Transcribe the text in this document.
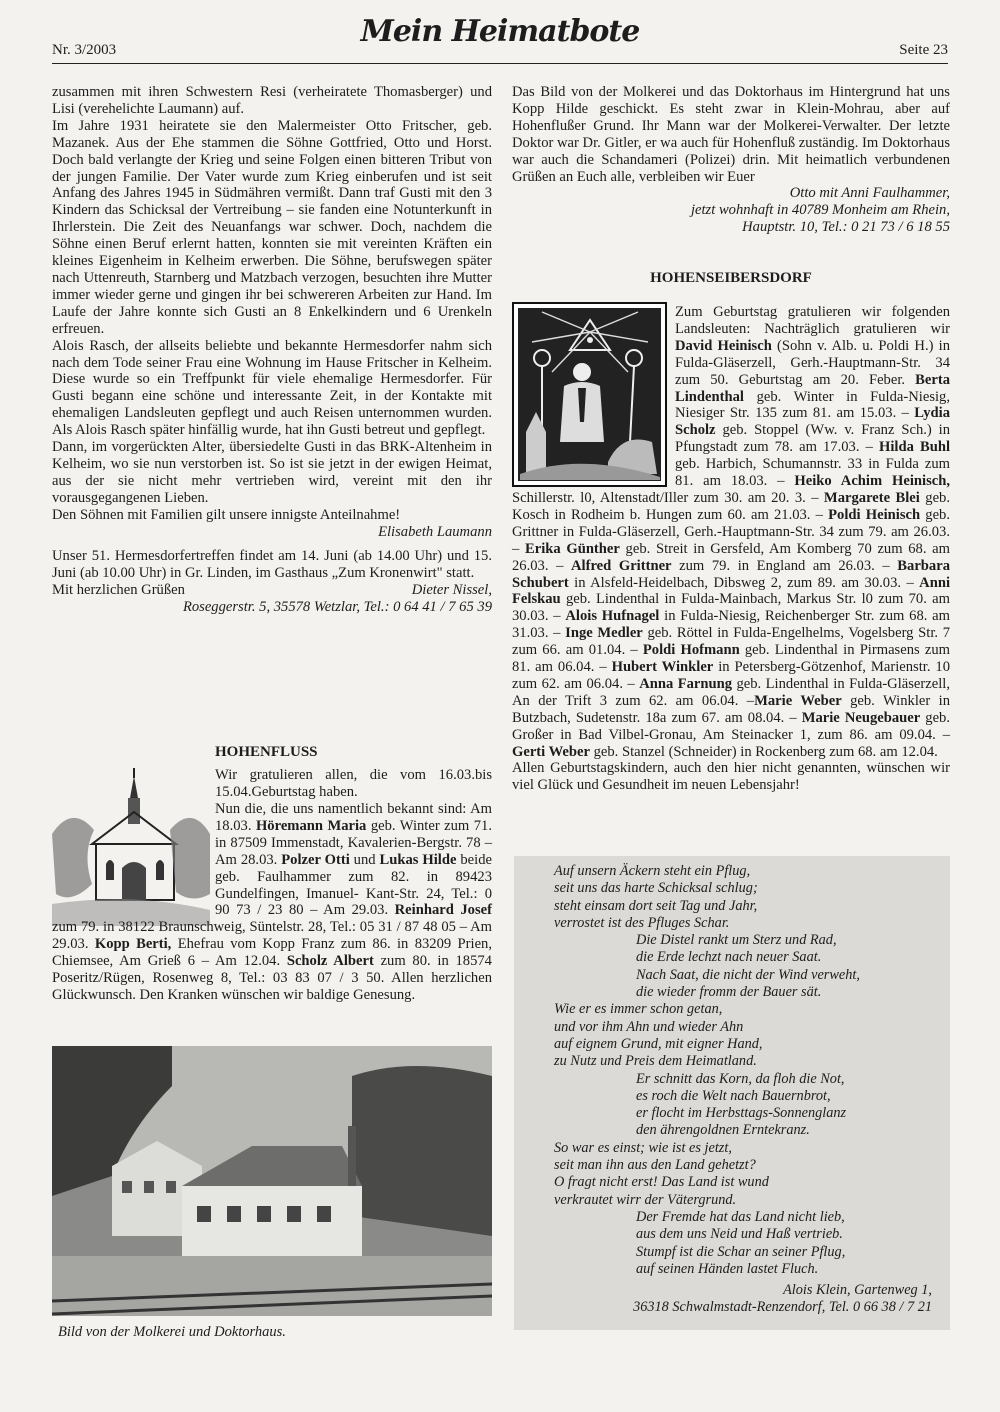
Nr. 3/2003
Mein Heimatbote
Seite 23

zusammen mit ihren Schwestern Resi (verheiratete Thomasberger) und Lisi (verehelichte Laumann) auf.

Im Jahre 1931 heiratete sie den Malermeister Otto Fritscher, geb. Mazanek. Aus der Ehe stammen die Söhne Gottfried, Otto und Horst. Doch bald verlangte der Krieg und seine Folgen einen bitteren Tribut von der jungen Familie. Der Vater wurde zum Krieg einberufen und ist seit Anfang des Jahres 1945 in Südmähren vermißt. Dann traf Gusti mit den 3 Kindern das Schicksal der Vertreibung – sie fanden eine Notunterkunft in Ihrlerstein. Die Zeit des Neuanfangs war schwer. Doch, nachdem die Söhne einen Beruf erlernt hatten, konnten sie mit vereinten Kräften ein kleines Eigenheim in Kelheim erwerben. Die Söhne, berufswegen später nach Uttenreuth, Starnberg und Matzbach verzogen, besuchten ihre Mutter immer wieder gerne und gingen ihr bei schwereren Arbeiten zur Hand. Im Laufe der Jahre konnte sich Gusti an 8 Enkelkindern und 6 Urenkeln erfreuen.

Alois Rasch, der allseits beliebte und bekannte Hermesdorfer nahm sich nach dem Tode seiner Frau eine Wohnung im Hause Fritscher in Kelheim. Diese wurde so ein Treffpunkt für viele ehemalige Hermesdorfer. Für Gusti begann eine schöne und interessante Zeit, in der Kontakte mit ehemaligen Landsleuten gepflegt und auch Reisen unternommen wurden. Als Alois Rasch später hinfällig wurde, hat ihn Gusti betreut und gepflegt.

Dann, im vorgerückten Alter, übersiedelte Gusti in das BRK-Altenheim in Kelheim, wo sie nun verstorben ist. So ist sie jetzt in der ewigen Heimat, aus der sie nicht mehr vertrieben wird, vereint mit den ihr vorausgegangenen Lieben.

Den Söhnen mit Familien gilt unsere innigste Anteilnahme!

Elisabeth Laumann

Unser 51. Hermesdorfertreffen findet am 14. Juni (ab 14.00 Uhr) und 15. Juni (ab 10.00 Uhr) in Gr. Linden, im Gasthaus „Zum Kronenwirt" statt.

Mit herzlichen Grüßen	Dieter Nissel,

Roseggerstr. 5, 35578 Wetzlar, Tel.: 0 64 41 / 7 65 39

HOHENFLUSS

Wir gratulieren allen, die vom 16.03.bis 15.04.Geburtstag haben.

Nun die, die uns namentlich bekannt sind: Am 18.03. Höremann Maria geb. Winter zum 71. in 87509 Immenstadt, Kavalerien-Bergstr. 78 – Am 28.03. Polzer Otti und Lukas Hilde beide geb. Faulhammer zum 82. in 89423 Gundelfingen, Imanuel- Kant-Str. 24, Tel.: 0 90 73 / 23 80 – Am 29.03. Reinhard Josef zum 79. in 38122 Braunschweig, Süntelstr. 28, Tel.: 05 31 / 87 48 05 – Am 29.03. Kopp Berti, Ehefrau vom Kopp Franz zum 86. in 83209 Prien, Chiemsee, Am Grieß 6 – Am 12.04. Scholz Albert zum 80. in 18574 Poseritz/Rügen, Rosenweg 8, Tel.: 03 83 07 / 3 50. Allen herzlichen Glückwunsch. Den Kranken wünschen wir baldige Genesung.

Bild von der Molkerei und Doktorhaus.

Das Bild von der Molkerei und das Doktorhaus im Hintergrund hat uns Kopp Hilde geschickt. Es steht zwar in Klein-Mohrau, aber auf Hohenflußer Grund. Ihr Mann war der Molkerei-Verwalter. Der letzte Doktor war Dr. Gitler, er wa auch für Hohenfluß zuständig. Im Doktorhaus war auch die Schandameri (Polizei) drin. Mit heimatlich verbundenen Grüßen an Euch alle, verbleiben wir Euer

Otto mit Anni Faulhammer,

jetzt wohnhaft in 40789 Monheim am Rhein,

Hauptstr. 10, Tel.: 0 21 73 / 6 18 55

HOHENSEIBERSDORF

Zum Geburtstag gratulieren wir folgenden Landsleuten: Nachträglich gratulieren wir David Heinisch (Sohn v. Alb. u. Poldi H.) in Fulda-Gläserzell, Gerh.-Hauptmann-Str. 34 zum 50. Geburtstag am 20. Feber. Berta Lindenthal geb. Winter in Fulda-Niesig, Niesiger Str. 135 zum 81. am 15.03. – Lydia Scholz geb. Stoppel (Ww. v. Franz Sch.) in Pfungstadt zum 78. am 17.03. – Hilda Buhl geb. Harbich, Schumannstr. 33 in Fulda zum 81. am 18.03. – Heiko Achim Heinisch, Schillerstr. l0, Altenstadt/Iller zum 30. am 20. 3. – Margarete Blei geb. Kosch in Rodheim b. Hungen zum 60. am 21.03. – Poldi Heinisch geb. Grittner in Fulda-Gläserzell, Gerh.-Hauptmann-Str. 34 zum 79. am 26.03. – Erika Günther geb. Streit in Gersfeld, Am Komberg 70 zum 68. am 26.03. – Alfred Grittner zum 79. in England am 26.03. – Barbara Schubert in Alsfeld-Heidelbach, Dibsweg 2, zum 89. am 30.03. – Anni Felskau geb. Lindenthal in Fulda-Mainbach, Markus Str. l0 zum 70. am 30.03. – Alois Hufnagel in Fulda-Niesig, Reichenberger Str. zum 68. am 31.03. – Inge Medler geb. Röttel in Fulda-Engelhelms, Vogelsberg Str. 7 zum 66. am 01.04. – Poldi Hofmann geb. Lindenthal in Pirmasens zum 81. am 06.04. – Hubert Winkler in Petersberg-Götzenhof, Marienstr. 10 zum 62. am 06.04. – Anna Farnung geb. Lindenthal in Fulda-Gläserzell, An der Trift 3 zum 62. am 06.04. –Marie Weber geb. Winkler in Butzbach, Sudetenstr. 18a zum 67. am 08.04. – Marie Neugebauer geb. Großer in Bad Vilbel-Gronau, Am Steinacker 1, zum 86. am 09.04. – Gerti Weber geb. Stanzel (Schneider) in Rockenberg zum 68. am 12.04.

Allen Geburtstagskindern, auch den hier nicht genannten, wünschen wir viel Glück und Gesundheit im neuen Lebensjahr!

Auf unsern Äckern steht ein Pflug,
seit uns das harte Schicksal schlug;
steht einsam dort seit Tag und Jahr,
verrostet ist des Pfluges Schar.
Die Distel rankt um Sterz und Rad,
die Erde lechzt nach neuer Saat.
Nach Saat, die nicht der Wind verweht,
die wieder fromm der Bauer sät.
Wie er es immer schon getan,
und vor ihm Ahn und wieder Ahn
auf eignem Grund, mit eigner Hand,
zu Nutz und Preis dem Heimatland.
Er schnitt das Korn, da floh die Not,
es roch die Welt nach Bauernbrot,
er flocht im Herbsttags-Sonnenglanz
den ährengoldnen Erntekranz.
So war es einst; wie ist es jetzt,
seit man ihn aus den Land gehetzt?
O fragt nicht erst! Das Land ist wund
verkrautet wirr der Vätergrund.
Der Fremde hat das Land nicht lieb,
aus dem uns Neid und Haß vertrieb.
Stumpf ist die Schar an seiner Pflug,
auf seinen Händen lastet Fluch.
Alois Klein, Gartenweg 1,
36318 Schwalmstadt-Renzendorf, Tel. 0 66 38 / 7 21
